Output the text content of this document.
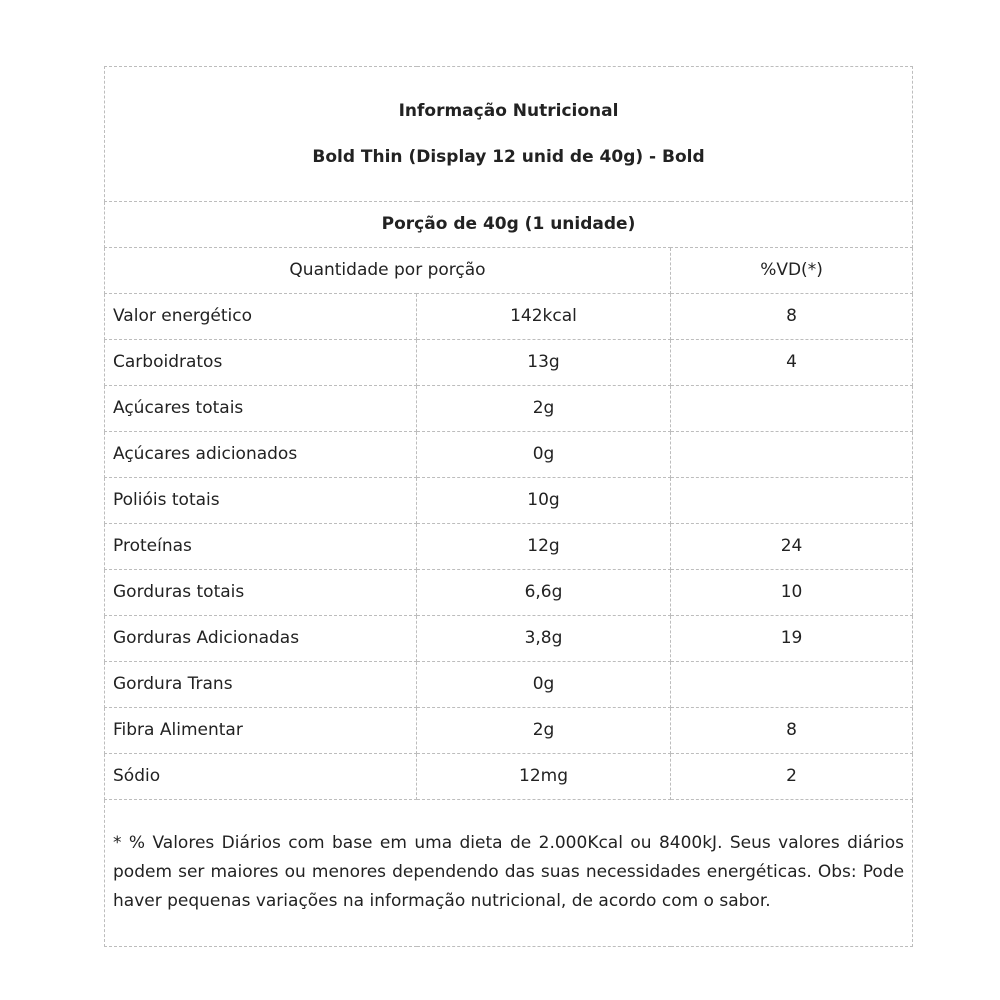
Informação Nutricional
Bold Thin (Display 12 unid de 40g) - Bold		

Porção de 40g (1 unidade)		
Quantidade por porção		%VD(*)
Valor energético	142kcal	8
Carboidratos	13g	4
Açúcares totais	2g	
Açúcares adicionados	0g	
Polióis totais	10g	
Proteínas	12g	24
Gorduras totais	6,6g	10
Gorduras Adicionadas	3,8g	19
Gordura Trans	0g	
Fibra Alimentar	2g	8
Sódio	12mg	2
* % Valores Diários com base em uma dieta de 2.000Kcal ou 8400kJ. Seus valores diários podem ser maiores ou menores dependendo das suas necessidades energéticas. Obs: Pode haver pequenas variações na informação nutricional, de acordo com o sabor.		
